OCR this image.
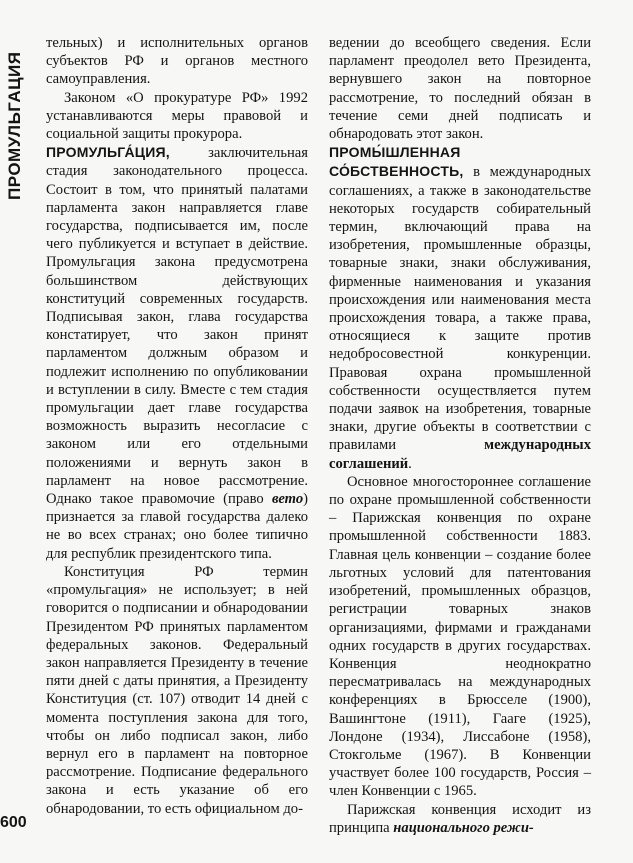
ПРОМУЛЬГАЦИЯ
600

тельных) и исполнительных органов субъектов РФ и органов местного самоуправления.

Законом «О прокуратуре РФ» 1992 устанавливаются меры правовой и социальной защиты прокурора.

ПРОМУЛЬГА́ЦИЯ, заключительная стадия законодательного процесса. Состоит в том, что принятый палатами парламента закон направляется главе государства, подписывается им, после чего публикуется и вступает в действие. Промульгация закона предусмотрена большинством действующих конституций современных государств. Подписывая закон, глава государства констатирует, что закон принят парламентом должным образом и подлежит исполнению по опубликовании и вступлении в силу. Вместе с тем стадия промульгации дает главе государства возможность выразить несогласие с законом или его отдельными положениями и вернуть закон в парламент на новое рассмотрение. Однако такое правомочие (право вето) признается за главой государства далеко не во всех странах; оно более типично для республик президентского типа.

Конституция РФ термин «промульгация» не использует; в ней говорится о подписании и обнародовании Президентом РФ принятых парламентом федеральных законов. Федеральный закон направляется Президенту в течение пяти дней с даты принятия, а Президенту Конституция (ст. 107) отводит 14 дней с момента поступления закона для того, чтобы он либо подписал закон, либо вернул его в парламент на повторное рассмотрение. Подписание федерального закона и есть указание об его обнародовании, то есть официальном до-

ведении до всеобщего сведения. Если парламент преодолел вето Президента, вернувшего закон на повторное рассмотрение, то последний обязан в течение семи дней подписать и обнародовать этот закон.

ПРОМЫ́ШЛЕННАЯ СО́БСТВЕННОСТЬ, в международных соглашениях, а также в законодательстве некоторых государств собирательный термин, включающий права на изобретения, промышленные образцы, товарные знаки, знаки обслуживания, фирменные наименования и указания происхождения или наименования места происхождения товара, а также права, относящиеся к защите против недобросовестной конкуренции. Правовая охрана промышленной собственности осуществляется путем подачи заявок на изобретения, товарные знаки, другие объекты в соответствии с правилами международных соглашений.

Основное многостороннее соглашение по охране промышленной собственности – Парижская конвенция по охране промышленной собственности 1883. Главная цель конвенции – создание более льготных условий для патентования изобретений, промышленных образцов, регистрации товарных знаков организациями, фирмами и гражданами одних государств в других государствах. Конвенция неоднократно пересматривалась на международных конференциях в Брюсселе (1900), Вашингтоне (1911), Гааге (1925), Лондоне (1934), Лиссабоне (1958), Стокгольме (1967). В Конвенции участвует более 100 государств, Россия – член Конвенции с 1965.

Парижская конвенция исходит из принципа национального режи-
